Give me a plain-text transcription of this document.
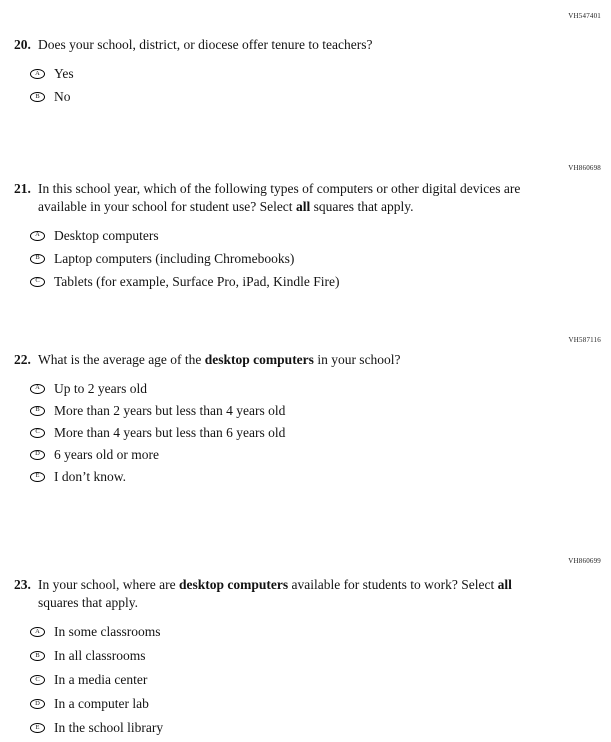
VH547401
VH860698
VH587116
VH860699
20. Does your school, district, or diocese offer tenure to teachers?
A	Yes
B	No
21. In this school year, which of the following types of computers or other digital devices are available in your school for student use? Select all squares that apply.
A	Desktop computers
B	Laptop computers (including Chromebooks)
C	Tablets (for example, Surface Pro, iPad, Kindle Fire)
22. What is the average age of the desktop computers in your school?
A	Up to 2 years old
B	More than 2 years but less than 4 years old
C	More than 4 years but less than 6 years old
D	6 years old or more
E	I don’t know.
23. In your school, where are desktop computers available for students to work? Select all squares that apply.
A	In some classrooms
B	In all classrooms
C	In a media center
D	In a computer lab
E	In the school library
